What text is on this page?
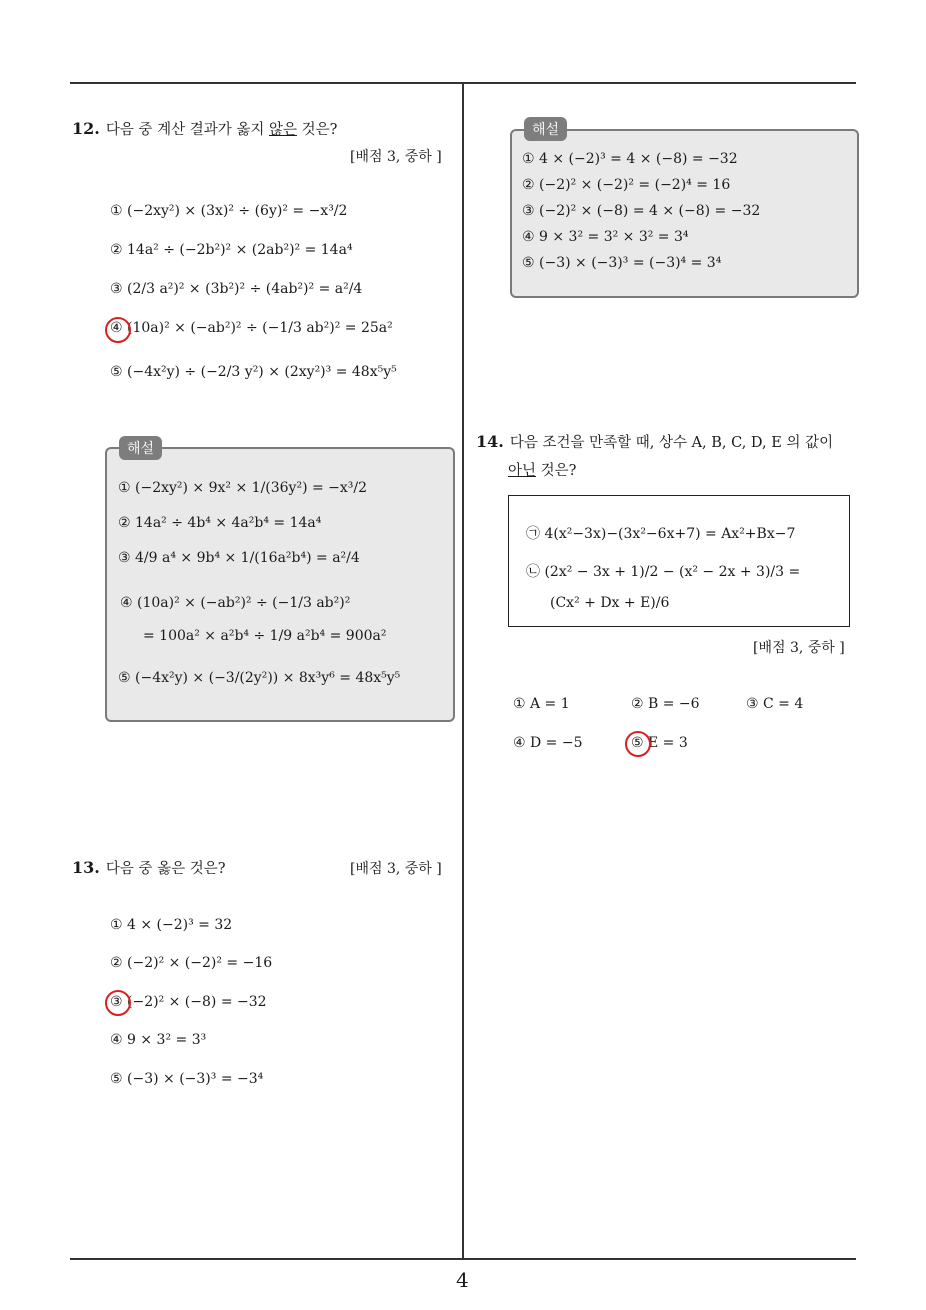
4
12. 다음 중 계산 결과가 옳지 않은 것은?
[배점 3, 중하 ]
① (−2xy²) × (3x)² ÷ (6y)² = −x³/2
② 14a² ÷ (−2b²)² × (2ab²)² = 14a⁴
③ (2/3 a²)² × (3b²)² ÷ (4ab²)² = a²/4
④ (10a)² × (−ab²)² ÷ (−1/3 ab²)² = 25a²
⑤ (−4x²y) ÷ (−2/3 y²) × (2xy²)³ = 48x⁵y⁵
해설
① (−2xy²) × 9x² × 1/(36y²) = −x³/2
② 14a² ÷ 4b⁴ × 4a²b⁴ = 14a⁴
③ 4/9 a⁴ × 9b⁴ × 1/(16a²b⁴) = a²/4
④ (10a)² × (−ab²)² ÷ (−1/3 ab²)²
= 100a² × a²b⁴ ÷ 1/9 a²b⁴ = 900a²
⑤ (−4x²y) × (−3/(2y²)) × 8x³y⁶ = 48x⁵y⁵
13. 다음 중 옳은 것은?	[배점 3, 중하 ]
① 4 × (−2)³ = 32
② (−2)² × (−2)² = −16
③ (−2)² × (−8) = −32
④ 9 × 3² = 3³
⑤ (−3) × (−3)³ = −3⁴
해설
① 4 × (−2)³ = 4 × (−8) = −32
② (−2)² × (−2)² = (−2)⁴ = 16
③ (−2)² × (−8) = 4 × (−8) = −32
④ 9 × 3² = 3² × 3² = 3⁴
⑤ (−3) × (−3)³ = (−3)⁴ = 3⁴
14. 다음 조건을 만족할 때, 상수 A, B, C, D, E 의 값이
아닌 것은?
㉠ 4(x²−3x)−(3x²−6x+7) = Ax²+Bx−7
㉡ (2x² − 3x + 1)/2 − (x² − 2x + 3)/3 =
(Cx² + Dx + E)/6
[배점 3, 중하 ]
① A = 1	② B = −6	③ C = 4
④ D = −5	⑤ E = 3
